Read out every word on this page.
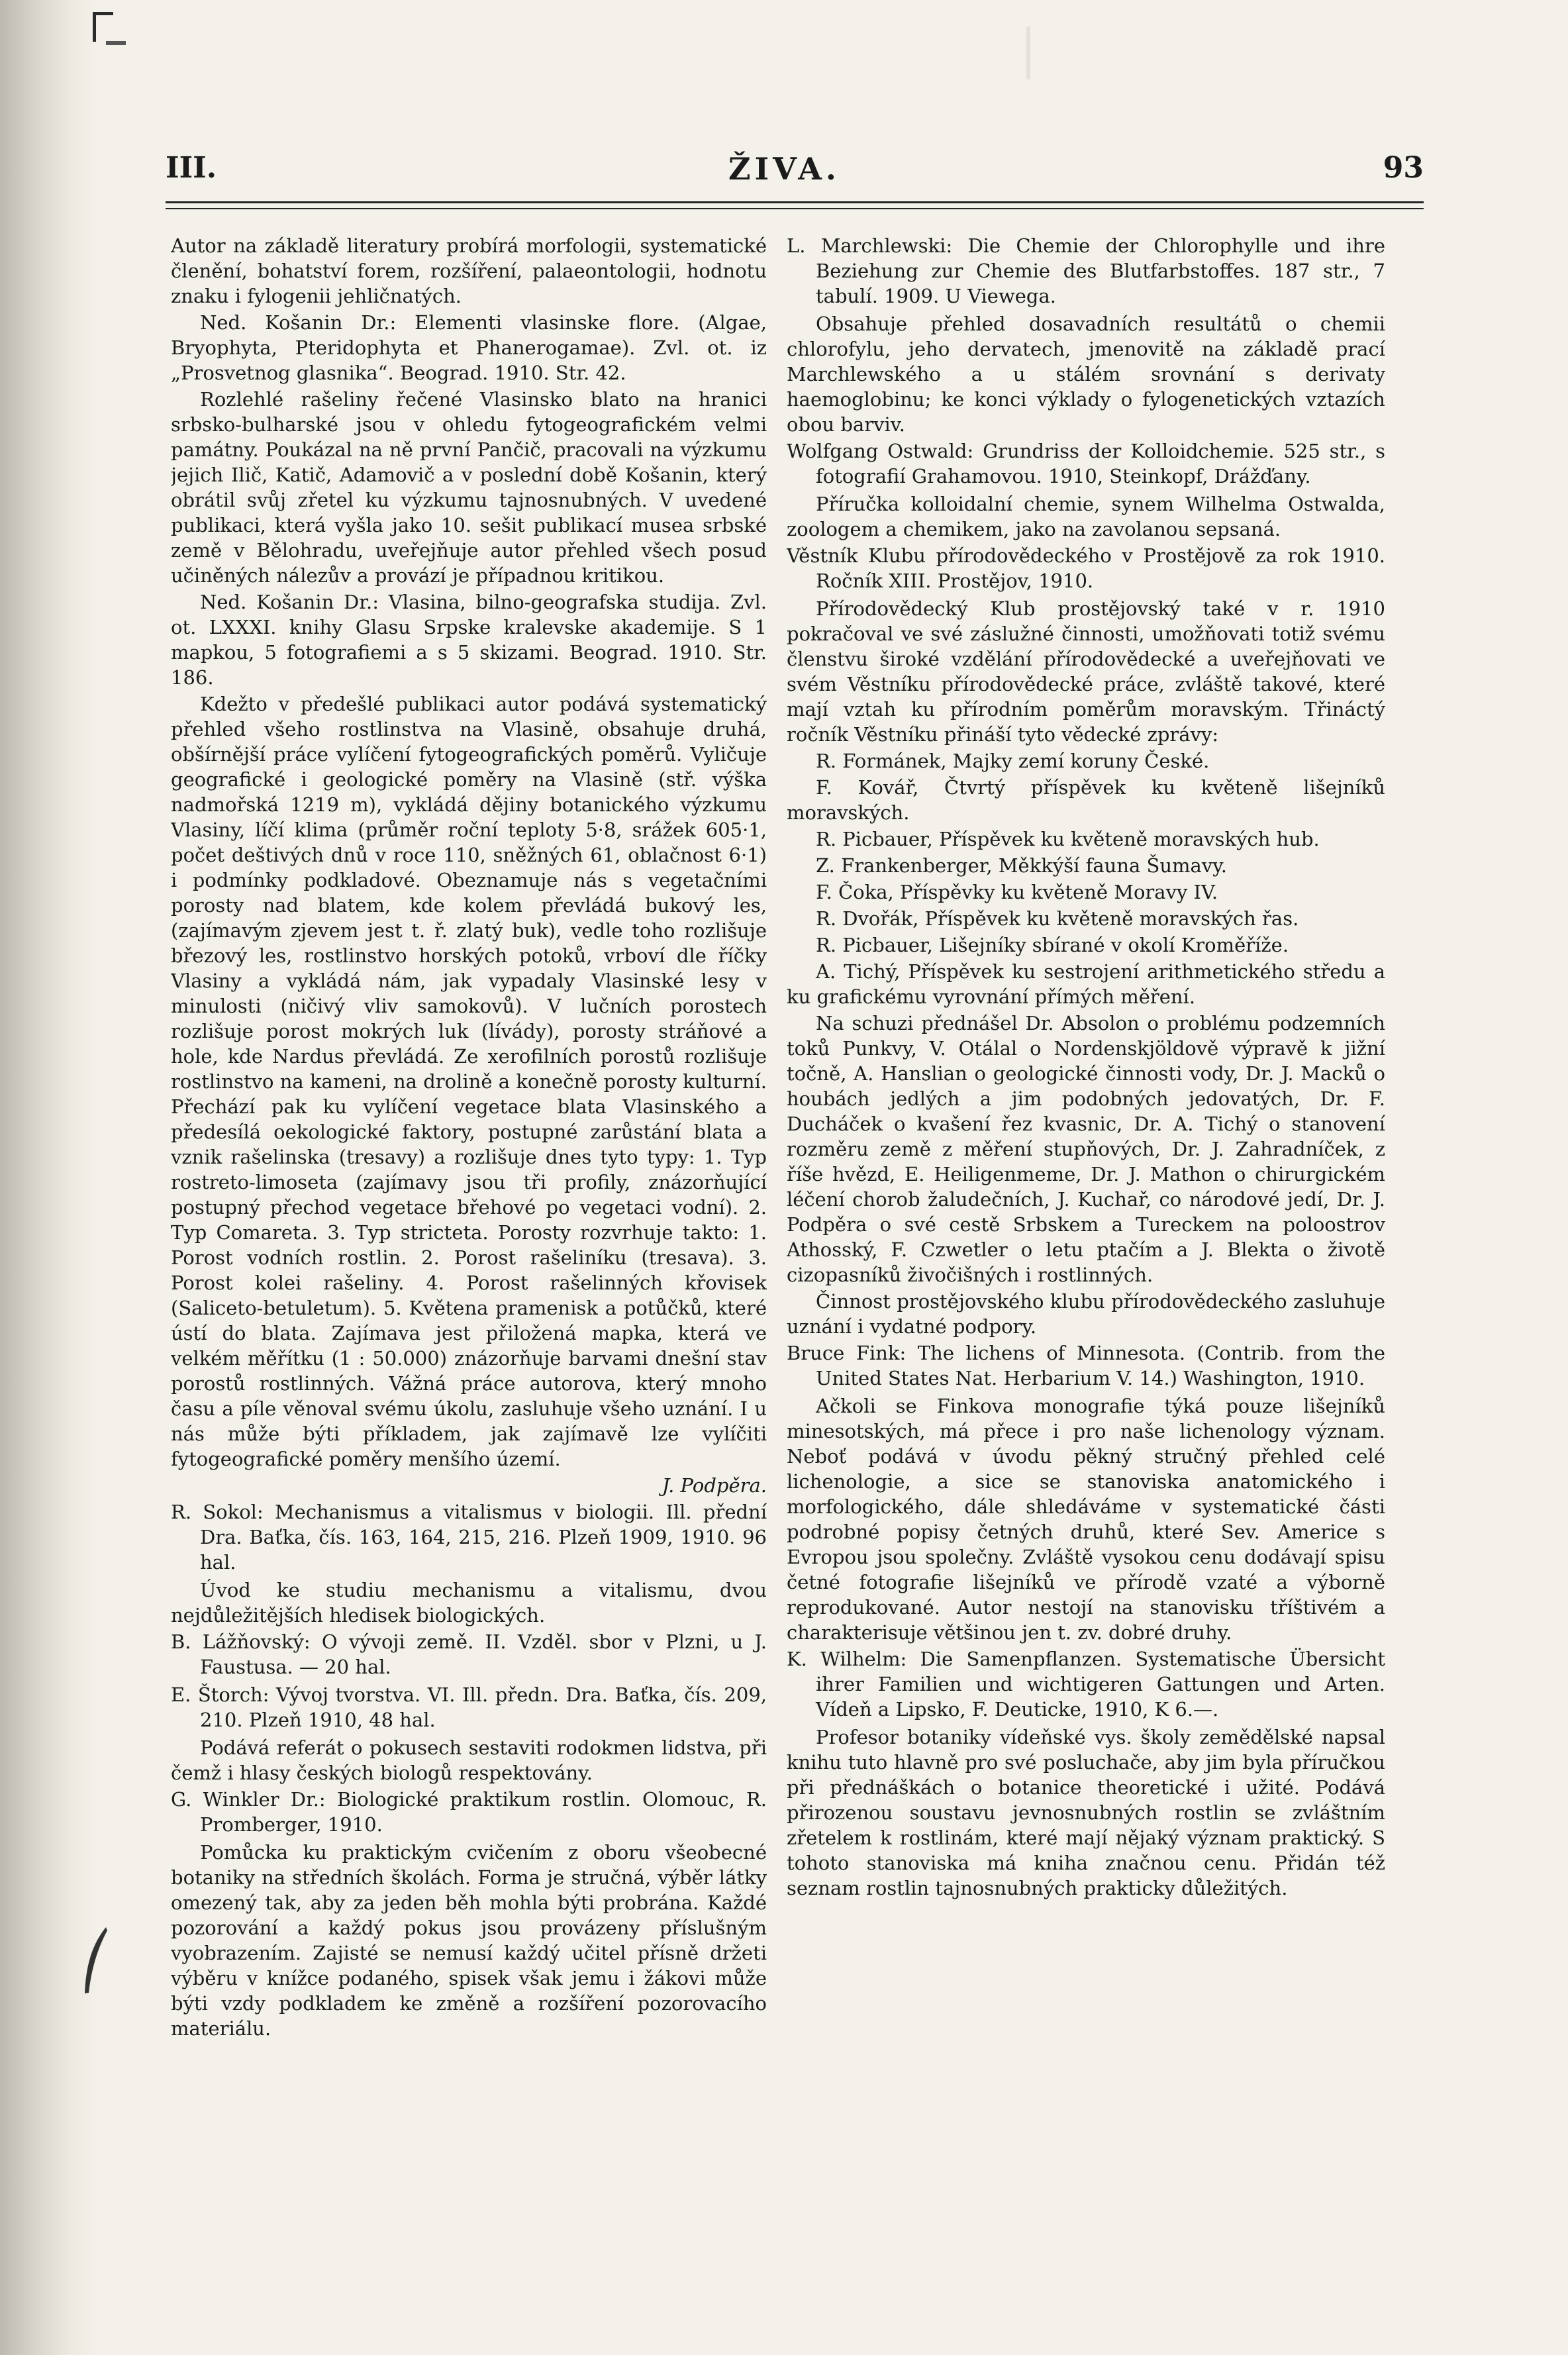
III.	ŽIVA.	93

Autor na základě literatury probírá morfologii, systematické členění, bohatství forem, rozšíření, palaeontologii, hodnotu znaku i fylogenii jehličnatých.

Ned. Košanin Dr.: Elementi vlasinske flore. (Algae, Bryophyta, Pteridophyta et Phanerogamae). Zvl. ot. iz „Prosvetnog glasnika“. Beograd. 1910. Str. 42.

Rozlehlé rašeliny řečené Vlasinsko blato na hranici srbsko-bulharské jsou v ohledu fytogeografickém velmi památny. Poukázal na ně první Pančič, pracovali na výzkumu jejich Ilič, Katič, Adamovič a v poslední době Košanin, který obrátil svůj zřetel ku výzkumu tajnosnubných. V uvedené publikaci, která vyšla jako 10. sešit publikací musea srbské země v Bělohradu, uveřejňuje autor přehled všech posud učiněných nálezův a provází je případnou kritikou.

Ned. Košanin Dr.: Vlasina, bilno-geografska studija. Zvl. ot. LXXXI. knihy Glasu Srpske kralevske akademije. S 1 mapkou, 5 fotografiemi a s 5 skizami. Beograd. 1910. Str. 186.

Kdežto v předešlé publikaci autor podává systematický přehled všeho rostlinstva na Vlasině, obsahuje druhá, obšírnější práce vylíčení fytogeografických poměrů. Vyličuje geografické i geologické poměry na Vlasině (stř. výška nadmořská 1219 m), vykládá dějiny botanického výzkumu Vlasiny, líčí klima (průměr roční teploty 5·8, srážek 605·1, počet deštivých dnů v roce 110, sněžných 61, oblačnost 6·1) i podmínky podkladové. Obeznamuje nás s vegetačními porosty nad blatem, kde kolem převládá bukový les, (zajímavým zjevem jest t. ř. zlatý buk), vedle toho rozlišuje březový les, rostlinstvo horských potoků, vrboví dle říčky Vlasiny a vykládá nám, jak vypadaly Vlasinské lesy v minulosti (ničivý vliv samokovů). V lučních porostech rozlišuje porost mokrých luk (lívády), porosty stráňové a hole, kde Nardus převládá. Ze xerofilních porostů rozlišuje rostlinstvo na kameni, na drolině a konečně porosty kulturní. Přechází pak ku vylíčení vegetace blata Vlasinského a předesílá oekologické faktory, postupné zarůstání blata a vznik rašelinska (tresavy) a rozlišuje dnes tyto typy: 1. Typ rostreto-limoseta (zajímavy jsou tři profily, znázorňující postupný přechod vegetace břehové po vegetaci vodní). 2. Typ Comareta. 3. Typ stricteta. Porosty rozvrhuje takto: 1. Porost vodních rostlin. 2. Porost rašeliníku (tresava). 3. Porost kolei rašeliny. 4. Porost rašelinných křovisek (Saliceto-betuletum). 5. Květena pramenisk a potůčků, které ústí do blata. Zajímava jest přiložená mapka, která ve velkém měřítku (1 : 50.000) znázorňuje barvami dnešní stav porostů rostlinných. Vážná práce autorova, který mnoho času a píle věnoval svému úkolu, zasluhuje všeho uznání. I u nás může býti příkladem, jak zajímavě lze vylíčiti fytogeografické poměry menšího území.

J. Podpěra.

R. Sokol: Mechanismus a vitalismus v biologii. Ill. přední Dra. Baťka, čís. 163, 164, 215, 216. Plzeň 1909, 1910. 96 hal.

Úvod ke studiu mechanismu a vitalismu, dvou nejdůležitějších hledisek biologických.

B. Lážňovský: O vývoji země. II. Vzděl. sbor v Plzni, u J. Faustusa. — 20 hal.

E. Štorch: Vývoj tvorstva. VI. Ill. předn. Dra. Baťka, čís. 209, 210. Plzeň 1910, 48 hal.

Podává referát o pokusech sestaviti rodokmen lidstva, při čemž i hlasy českých biologů respektovány.

G. Winkler Dr.: Biologické praktikum rostlin. Olomouc, R. Promberger, 1910.

Pomůcka ku praktickým cvičením z oboru všeobecné botaniky na středních školách. Forma je stručná, výběr látky omezený tak, aby za jeden běh mohla býti probrána. Každé pozorování a každý pokus jsou provázeny příslušným vyobrazením. Zajisté se nemusí každý učitel přísně držeti výběru v knížce podaného, spisek však jemu i žákovi může býti vzdy podkladem ke změně a rozšíření pozorovacího materiálu.

L. Marchlewski: Die Chemie der Chlorophylle und ihre Beziehung zur Chemie des Blutfarbstoffes. 187 str., 7 tabulí. 1909. U Viewega.

Obsahuje přehled dosavadních resultátů o chemii chlorofylu, jeho dervatech, jmenovitě na základě prací Marchlewského a u stálém srovnání s derivaty haemoglobinu; ke konci výklady o fylogenetických vztazích obou barviv.

Wolfgang Ostwald: Grundriss der Kolloidchemie. 525 str., s fotografií Grahamovou. 1910, Steinkopf, Drážďany.

Příručka kolloidalní chemie, synem Wilhelma Ostwalda, zoologem a chemikem, jako na zavolanou sepsaná.

Věstník Klubu přírodovědeckého v Prostějově za rok 1910. Ročník XIII. Prostějov, 1910.

Přírodovědecký Klub prostějovský také v r. 1910 pokračoval ve své záslužné činnosti, umožňovati totiž svému členstvu široké vzdělání přírodovědecké a uveřejňovati ve svém Věstníku přírodovědecké práce, zvláště takové, které mají vztah ku přírodním poměrům moravským. Třináctý ročník Věstníku přináší tyto vědecké zprávy:

R. Formánek, Majky zemí koruny České.

F. Kovář, Čtvrtý příspěvek ku květeně lišejníků moravských.

R. Picbauer, Příspěvek ku květeně moravských hub.

Z. Frankenberger, Měkkýší fauna Šumavy.

F. Čoka, Příspěvky ku květeně Moravy IV.

R. Dvořák, Příspěvek ku květeně moravských řas.

R. Picbauer, Lišejníky sbírané v okolí Kroměříže.

A. Tichý, Příspěvek ku sestrojení arithmetického středu a ku grafickému vyrovnání přímých měření.

Na schuzi přednášel Dr. Absolon o problému podzemních toků Punkvy, V. Otálal o Nordenskjöldově výpravě k jižní točně, A. Hanslian o geologické činnosti vody, Dr. J. Macků o houbách jedlých a jim podobných jedovatých, Dr. F. Ducháček o kvašení řez kvasnic, Dr. A. Tichý o stanovení rozměru země z měření stupňových, Dr. J. Zahradníček, z říše hvězd, E. Heiligenmeme, Dr. J. Mathon o chirurgickém léčení chorob žaludečních, J. Kuchař, co národové jedí, Dr. J. Podpěra o své cestě Srbskem a Tureckem na poloostrov Athosský, F. Czwetler o letu ptačím a J. Blekta o životě cizopasníků živočišných i rostlinných.

Činnost prostějovského klubu přírodovědeckého zasluhuje uznání i vydatné podpory.

Bruce Fink: The lichens of Minnesota. (Contrib. from the United States Nat. Herbarium V. 14.) Washington, 1910.

Ačkoli se Finkova monografie týká pouze lišejníků minesotských, má přece i pro naše lichenology význam. Neboť podává v úvodu pěkný stručný přehled celé lichenologie, a sice se stanoviska anatomického i morfologického, dále shledáváme v systematické části podrobné popisy četných druhů, které Sev. Americe s Evropou jsou společny. Zvláště vysokou cenu dodávají spisu četné fotografie lišejníků ve přírodě vzaté a výborně reprodukované. Autor nestojí na stanovisku tříštivém a charakterisuje většinou jen t. zv. dobré druhy.

K. Wilhelm: Die Samenpflanzen. Systematische Übersicht ihrer Familien und wichtigeren Gattungen und Arten. Vídeň a Lipsko, F. Deuticke, 1910, K 6.—.

Profesor botaniky vídeňské vys. školy zemědělské napsal knihu tuto hlavně pro své posluchače, aby jim byla příručkou při přednáškách o botanice theoretické i užité. Podává přirozenou soustavu jevnosnubných rostlin se zvláštním zřetelem k rostlinám, které mají nějaký význam praktický. S tohoto stanoviska má kniha značnou cenu. Přidán též seznam rostlin tajnosnubných prakticky důležitých.
